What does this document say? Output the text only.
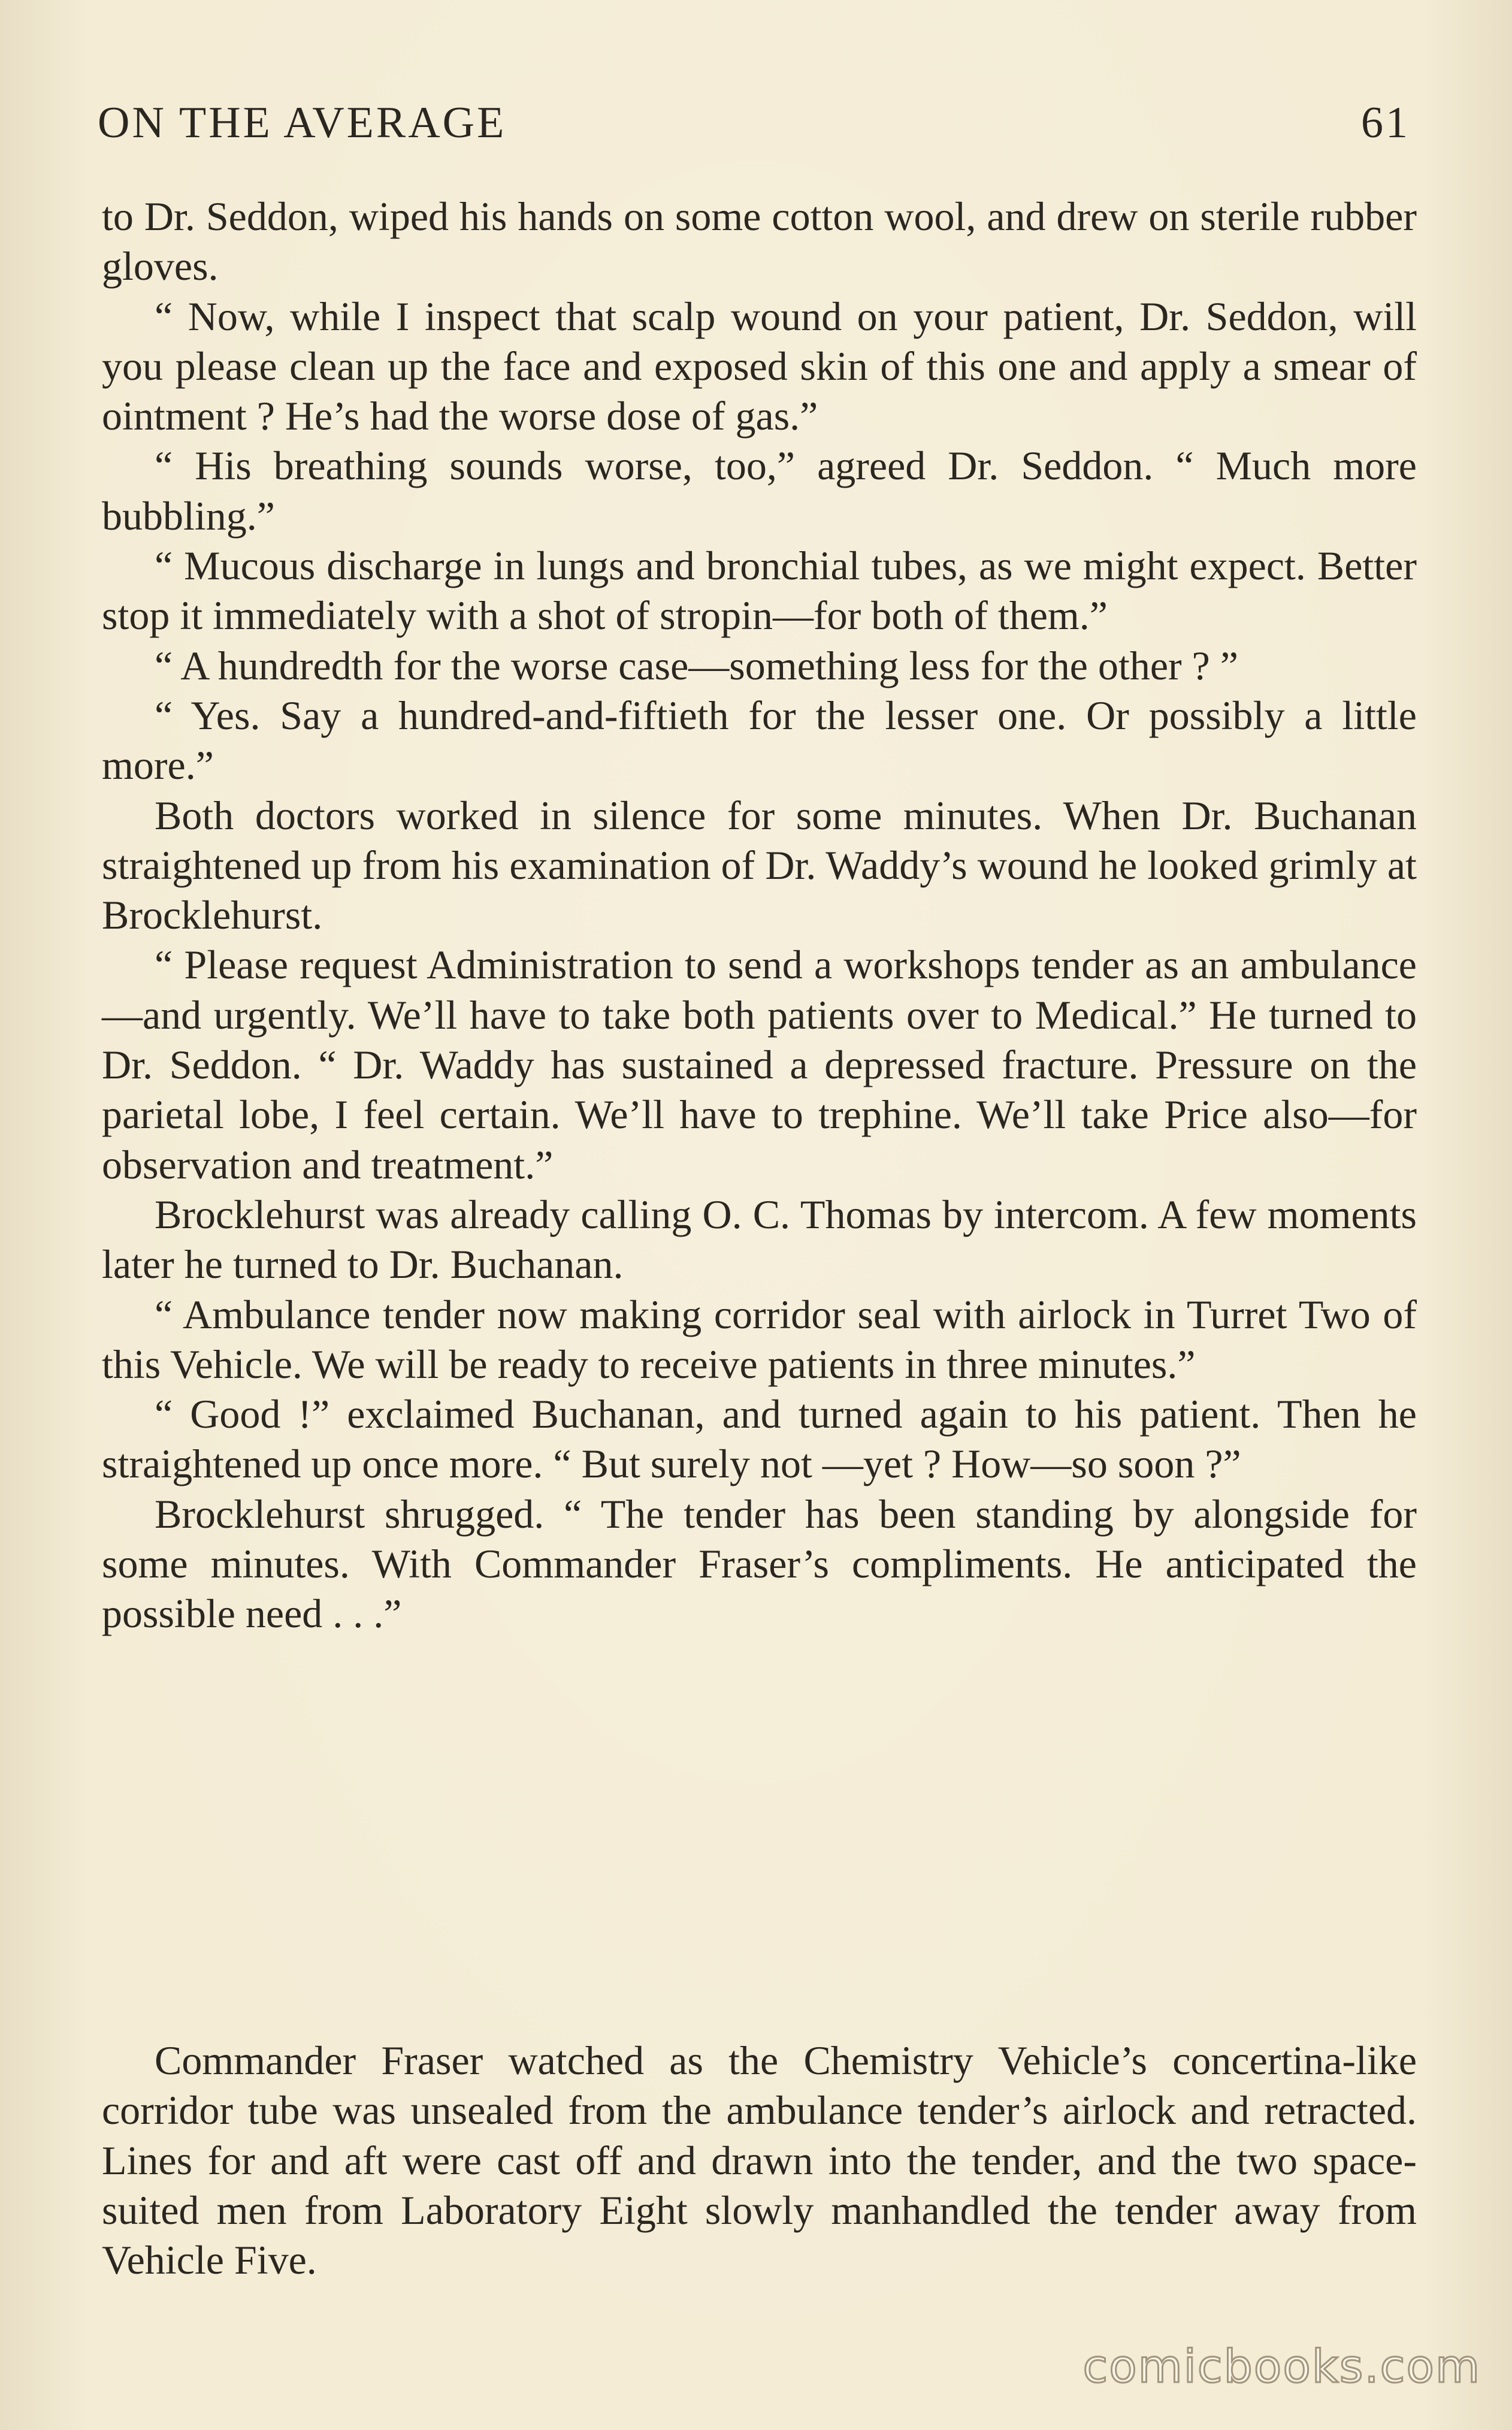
ON THE AVERAGE	61

to Dr. Seddon, wiped his hands on some cotton wool, and drew on sterile rubber gloves.

“ Now, while I inspect that scalp wound on your patient, Dr. Seddon, will you please clean up the face and exposed skin of this one and apply a smear of ointment ? He’s had the worse dose of gas.”

“ His breathing sounds worse, too,” agreed Dr. Seddon. “ Much more bubbling.”

“ Mucous discharge in lungs and bronchial tubes, as we might expect. Better stop it immediately with a shot of stropin—for both of them.”

“ A hundredth for the worse case—something less for the other ? ”

“ Yes. Say a hundred-and-fiftieth for the lesser one. Or possibly a little more.”

Both doctors worked in silence for some minutes. When Dr. Buchanan straightened up from his examination of Dr. Waddy’s wound he looked grimly at Brocklehurst.

“ Please request Administration to send a workshops tender as an ambulance—and urgently. We’ll have to take both patients over to Medical.” He turned to Dr. Seddon. “ Dr. Waddy has sustained a depressed fracture. Pressure on the parietal lobe, I feel certain. We’ll have to trephine. We’ll take Price also—for observation and treatment.”

Brocklehurst was already calling O. C. Thomas by intercom. A few moments later he turned to Dr. Buchanan.

“ Ambulance tender now making corridor seal with airlock in Turret Two of this Vehicle. We will be ready to receive patients in three minutes.”

“ Good !” exclaimed Buchanan, and turned again to his patient. Then he straightened up once more. “ But surely not —yet ? How—so soon ?”

Brocklehurst shrugged. “ The tender has been standing by alongside for some minutes. With Commander Fraser’s compliments. He anticipated the possible need . . .”

Commander Fraser watched as the Chemistry Vehicle’s concertina-like corridor tube was unsealed from the ambulance tender’s airlock and retracted. Lines for and aft were cast off and drawn into the tender, and the two space-suited men from Laboratory Eight slowly manhandled the tender away from Vehicle Five.

comicbooks.com
